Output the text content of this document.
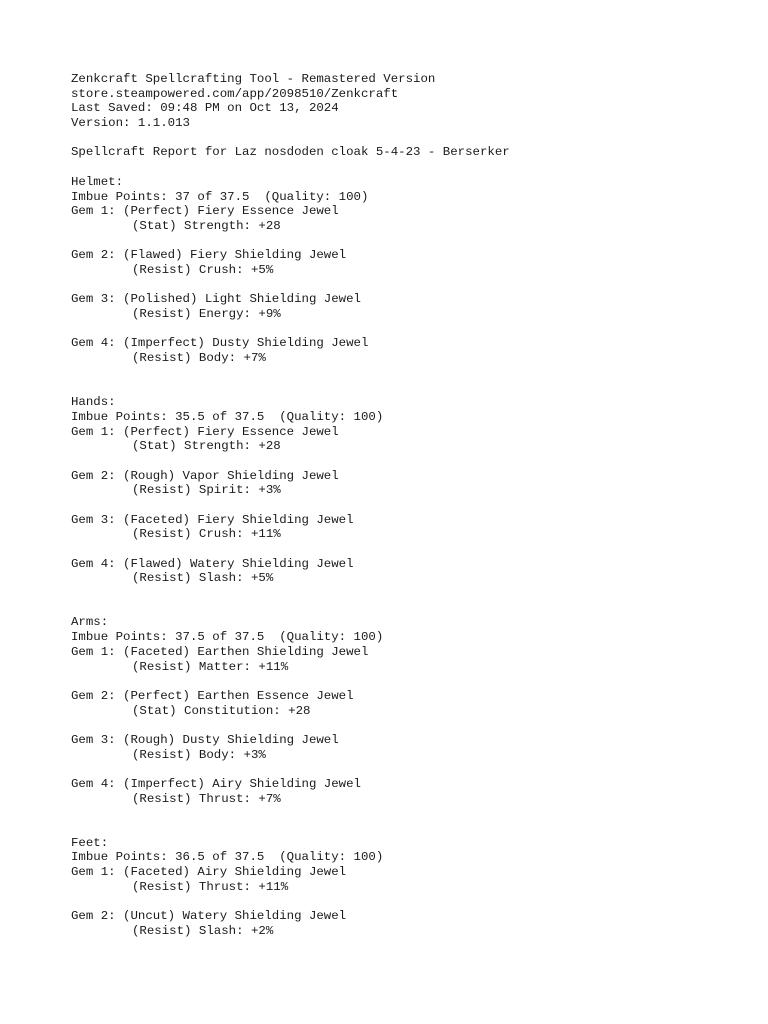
Zenkcraft Spellcrafting Tool - Remastered Version
store.steampowered.com/app/2098510/Zenkcraft
Last Saved: 09:48 PM on Oct 13, 2024
Version: 1.1.013
Spellcraft Report for Laz nosdoden cloak 5-4-23 - Berserker
Helmet:
Imbue Points: 37 of 37.5  (Quality: 100)
Gem 1: (Perfect) Fiery Essence Jewel
(Stat) Strength: +28
Gem 2: (Flawed) Fiery Shielding Jewel
(Resist) Crush: +5%
Gem 3: (Polished) Light Shielding Jewel
(Resist) Energy: +9%
Gem 4: (Imperfect) Dusty Shielding Jewel
(Resist) Body: +7%
Hands:
Imbue Points: 35.5 of 37.5  (Quality: 100)
Gem 1: (Perfect) Fiery Essence Jewel
(Stat) Strength: +28
Gem 2: (Rough) Vapor Shielding Jewel
(Resist) Spirit: +3%
Gem 3: (Faceted) Fiery Shielding Jewel
(Resist) Crush: +11%
Gem 4: (Flawed) Watery Shielding Jewel
(Resist) Slash: +5%
Arms:
Imbue Points: 37.5 of 37.5  (Quality: 100)
Gem 1: (Faceted) Earthen Shielding Jewel
(Resist) Matter: +11%
Gem 2: (Perfect) Earthen Essence Jewel
(Stat) Constitution: +28
Gem 3: (Rough) Dusty Shielding Jewel
(Resist) Body: +3%
Gem 4: (Imperfect) Airy Shielding Jewel
(Resist) Thrust: +7%
Feet:
Imbue Points: 36.5 of 37.5  (Quality: 100)
Gem 1: (Faceted) Airy Shielding Jewel
(Resist) Thrust: +11%
Gem 2: (Uncut) Watery Shielding Jewel
(Resist) Slash: +2%
